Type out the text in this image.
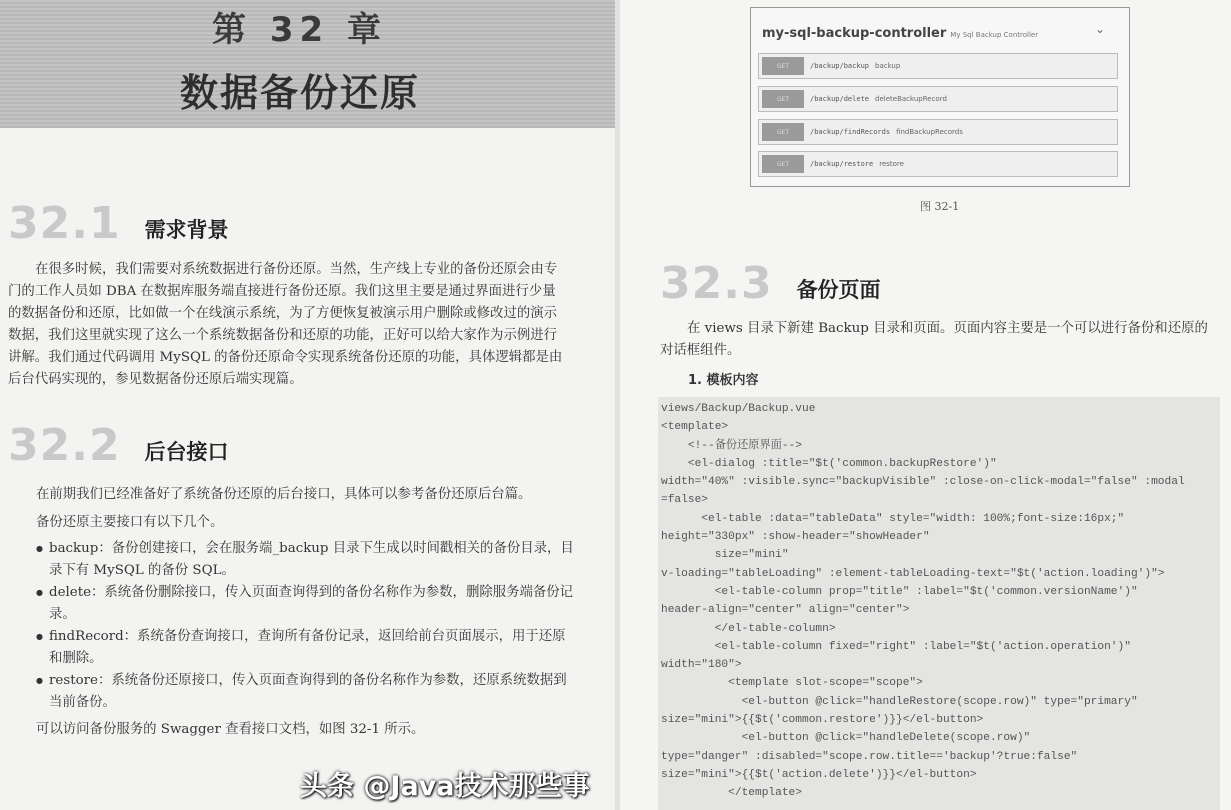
第 32 章
数据备份还原
32.1 需求背景
在很多时候，我们需要对系统数据进行备份还原。当然，生产线上专业的备份还原会由专门的工作人员如 DBA 在数据库服务端直接进行备份还原。我们这里主要是通过界面进行少量的数据备份和还原，比如做一个在线演示系统，为了方便恢复被演示用户删除或修改过的演示数据，我们这里就实现了这么一个系统数据备份和还原的功能，正好可以给大家作为示例进行讲解。我们通过代码调用 MySQL 的备份还原命令实现系统备份还原的功能，具体逻辑都是由后台代码实现的，参见数据备份还原后端实现篇。
32.2 后台接口
在前期我们已经准备好了系统备份还原的后台接口，具体可以参考备份还原后台篇。
备份还原主要接口有以下几个。
● backup：备份创建接口，会在服务端_backup 目录下生成以时间戳相关的备份目录，目录下有 MySQL 的备份 SQL。
● delete：系统备份删除接口，传入页面查询得到的备份名称作为参数，删除服务端备份记录。
● findRecord：系统备份查询接口，查询所有备份记录，返回给前台页面展示，用于还原和删除。
● restore：系统备份还原接口，传入页面查询得到的备份名称作为参数，还原系统数据到当前备份。
可以访问备份服务的 Swagger 查看接口文档，如图 32-1 所示。
my-sql-backup-controller My Sql Backup Controller	⌄
GET	/backup/backup backup
GET	/backup/delete deleteBackupRecord
GET	/backup/findRecords findBackupRecords
GET	/backup/restore restore
图 32-1
32.3 备份页面
在 views 目录下新建 Backup 目录和页面。页面内容主要是一个可以进行备份和还原的对话框组件。
1. 模板内容
views/Backup/Backup.vue
<template>
<!--备份还原界面-->
<el-dialog :title="$t('common.backupRestore')"
width="40%" :visible.sync="backupVisible" :close-on-click-modal="false" :modal
=false>
<el-table :data="tableData" style="width: 100%;font-size:16px;"
height="330px" :show-header="showHeader"
size="mini"
v-loading="tableLoading" :element-tableLoading-text="$t('action.loading')">
<el-table-column prop="title" :label="$t('common.versionName')"
header-align="center" align="center">
</el-table-column>
<el-table-column fixed="right" :label="$t('action.operation')"
width="180">
<template slot-scope="scope">
<el-button @click="handleRestore(scope.row)" type="primary"
size="mini">{{$t('common.restore')}}</el-button>
<el-button @click="handleDelete(scope.row)"
type="danger" :disabled="scope.row.title=='backup'?true:false"
size="mini">{{$t('action.delete')}}</el-button>
</template>
头条 @Java技术那些事
